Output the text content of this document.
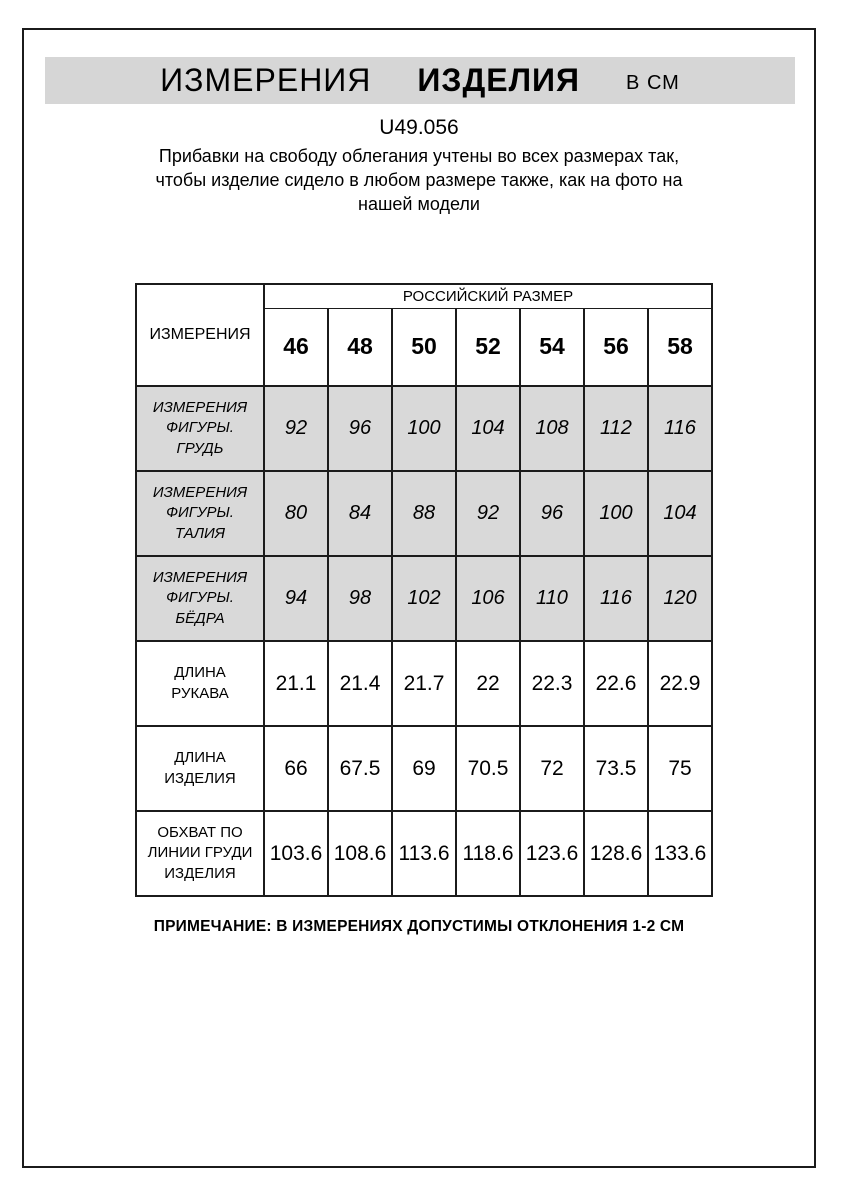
ИЗМЕРЕНИЯ ИЗДЕЛИЯ В СМ
U49.056
Прибавки на свободу облегания учтены во всех размерах так, чтобы изделие сидело в любом размере также, как на фото на нашей модели
ИЗМЕРЕНИЯ	РОССИЙСКИЙ РАЗМЕР						
	46	48	50	52	54	56	58
ИЗМЕРЕНИЯ ФИГУРЫ. ГРУДЬ	92	96	100	104	108	112	116
ИЗМЕРЕНИЯ ФИГУРЫ. ТАЛИЯ	80	84	88	92	96	100	104
ИЗМЕРЕНИЯ ФИГУРЫ. БЁДРА	94	98	102	106	110	116	120
ДЛИНА РУКАВА	21.1	21.4	21.7	22	22.3	22.6	22.9
ДЛИНА ИЗДЕЛИЯ	66	67.5	69	70.5	72	73.5	75
ОБХВАТ ПО ЛИНИИ ГРУДИ ИЗДЕЛИЯ	103.6	108.6	113.6	118.6	123.6	128.6	133.6
ПРИМЕЧАНИЕ: В ИЗМЕРЕНИЯХ ДОПУСТИМЫ ОТКЛОНЕНИЯ 1-2 СМ
